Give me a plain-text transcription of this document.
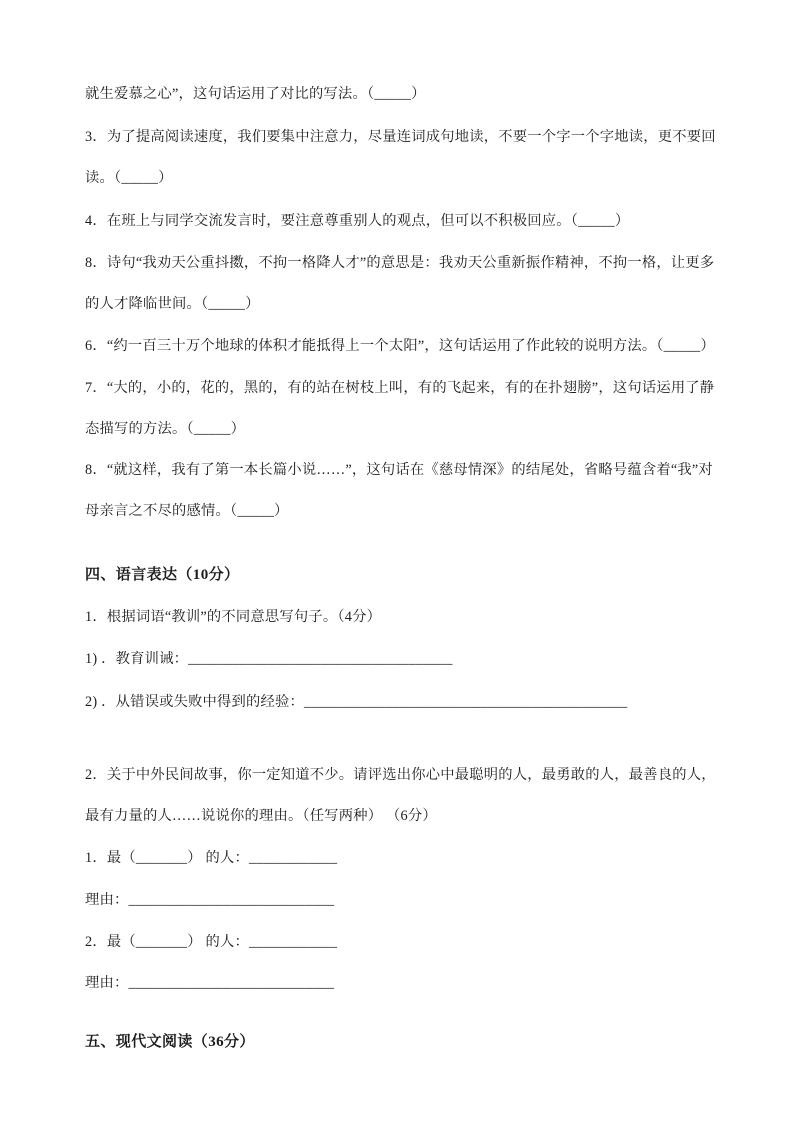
就生爱慕之心”，这句话运用了对比的写法。（_____）

3．为了提高阅读速度，我们要集中注意力，尽量连词成句地读，不要一个字一个字地读，更不要回

读。（_____）

4．在班上与同学交流发言时，要注意尊重别人的观点，但可以不积极回应。（_____）

8．诗句“我劝天公重抖擞，不拘一格降人才”的意思是：我劝天公重新振作精神，不拘一格，让更多

的人才降临世间。（_____）

6．“约一百三十万个地球的体积才能抵得上一个太阳”，这句话运用了作此较的说明方法。（_____）

7．“大的，小的，花的，黑的，有的站在树枝上叫，有的飞起来，有的在扑翅膀”，这句话运用了静

态描写的方法。（_____）

8．“就这样，我有了第一本长篇小说……”，这句话在《慈母情深》的结尾处，省略号蕴含着“我”对

母亲言之不尽的感情。（_____）

四、语言表达（10分）

1．根据词语“教训”的不同意思写句子。（4分）

1) ．教育训诫：____________________________________

2) ．从错误或失败中得到的经验：____________________________________________

2．关于中外民间故事，你一定知道不少。请评选出你心中最聪明的人，最勇敢的人，最善良的人，

最有力量的人……说说你的理由。（任写两种） （6分）

1．最（_______） 的人：____________

理由：____________________________

2．最（_______） 的人：____________

理由：____________________________

五、现代文阅读（36分）
